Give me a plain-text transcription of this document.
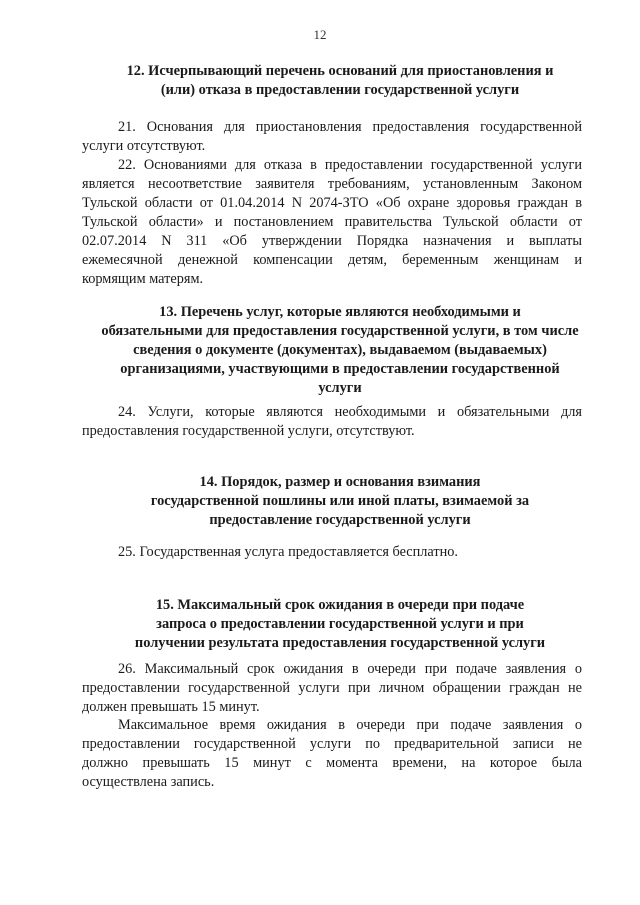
12
12. Исчерпывающий перечень оснований для приостановления и
(или) отказа в предоставлении государственной услуги
21. Основания для приостановления предоставления государственной
услуги отсутствуют.
22. Основаниями для отказа в предоставлении государственной услуги
является несоответствие заявителя требованиям, установленным Законом
Тульской области от 01.04.2014 N 2074-ЗТО «Об охране здоровья граждан в
Тульской области» и постановлением правительства Тульской области от
02.07.2014 N 311 «Об утверждении Порядка назначения и выплаты
ежемесячной денежной компенсации детям, беременным женщинам и
кормящим матерям.
13. Перечень услуг, которые являются необходимыми и
обязательными для предоставления государственной услуги, в том числе
сведения о документе (документах), выдаваемом (выдаваемых)
организациями, участвующими в предоставлении государственной
услуги
24. Услуги, которые являются необходимыми и обязательными для
предоставления государственной услуги, отсутствуют.
14. Порядок, размер и основания взимания
государственной пошлины или иной платы, взимаемой за
предоставление государственной услуги
25. Государственная услуга предоставляется бесплатно.
15. Максимальный срок ожидания в очереди при подаче
запроса о предоставлении государственной услуги и при
получении результата предоставления государственной услуги
26. Максимальный срок ожидания в очереди при подаче заявления о
предоставлении государственной услуги при личном обращении граждан не
должен превышать 15 минут.
Максимальное время ожидания в очереди при подаче заявления о
предоставлении государственной услуги по предварительной записи не
должно превышать 15 минут с момента времени, на которое была
осуществлена запись.
